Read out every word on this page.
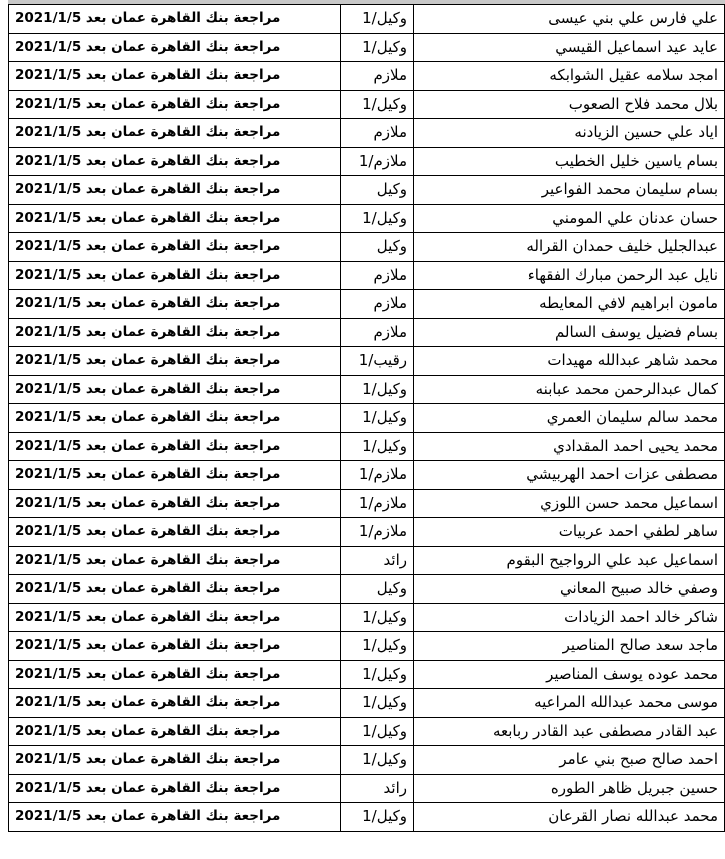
علي فارس علي بني عيسى	وكيل/1	مراجعة بنك القاهرة عمان بعد 2021/1/5
عايد عيد اسماعيل القيسي	وكيل/1	مراجعة بنك القاهرة عمان بعد 2021/1/5
امجد سلامه عقيل الشوابكه	ملازم	مراجعة بنك القاهرة عمان بعد 2021/1/5
بلال محمد فلاح الصعوب	وكيل/1	مراجعة بنك القاهرة عمان بعد 2021/1/5
اياد علي حسين الزيادنه	ملازم	مراجعة بنك القاهرة عمان بعد 2021/1/5
بسام ياسين خليل الخطيب	ملازم/1	مراجعة بنك القاهرة عمان بعد 2021/1/5
بسام سليمان محمد الفواعير	وكيل	مراجعة بنك القاهرة عمان بعد 2021/1/5
حسان عدنان علي المومني	وكيل/1	مراجعة بنك القاهرة عمان بعد 2021/1/5
عبدالجليل خليف حمدان القراله	وكيل	مراجعة بنك القاهرة عمان بعد 2021/1/5
نايل عبد الرحمن مبارك الفقهاء	ملازم	مراجعة بنك القاهرة عمان بعد 2021/1/5
مامون ابراهيم لافي المعايطه	ملازم	مراجعة بنك القاهرة عمان بعد 2021/1/5
بسام فضيل يوسف السالم	ملازم	مراجعة بنك القاهرة عمان بعد 2021/1/5
محمد شاهر عبدالله مهيدات	رقيب/1	مراجعة بنك القاهرة عمان بعد 2021/1/5
كمال عبدالرحمن محمد عبابنه	وكيل/1	مراجعة بنك القاهرة عمان بعد 2021/1/5
محمد سالم سليمان العمري	وكيل/1	مراجعة بنك القاهرة عمان بعد 2021/1/5
محمد يحيى احمد المقدادي	وكيل/1	مراجعة بنك القاهرة عمان بعد 2021/1/5
مصطفى عزات احمد الهربيشي	ملازم/1	مراجعة بنك القاهرة عمان بعد 2021/1/5
اسماعيل محمد حسن اللوزي	ملازم/1	مراجعة بنك القاهرة عمان بعد 2021/1/5
ساهر لطفي احمد عربيات	ملازم/1	مراجعة بنك القاهرة عمان بعد 2021/1/5
اسماعيل عبد علي الرواجيح البقوم	رائد	مراجعة بنك القاهرة عمان بعد 2021/1/5
وصفي خالد صبيح المعاني	وكيل	مراجعة بنك القاهرة عمان بعد 2021/1/5
شاكر خالد احمد الزيادات	وكيل/1	مراجعة بنك القاهرة عمان بعد 2021/1/5
ماجد سعد صالح المناصير	وكيل/1	مراجعة بنك القاهرة عمان بعد 2021/1/5
محمد عوده يوسف المناصير	وكيل/1	مراجعة بنك القاهرة عمان بعد 2021/1/5
موسى محمد عبدالله المراعيه	وكيل/1	مراجعة بنك القاهرة عمان بعد 2021/1/5
عبد القادر مصطفى عبد القادر ربابعه	وكيل/1	مراجعة بنك القاهرة عمان بعد 2021/1/5
احمد صالح صبح بني عامر	وكيل/1	مراجعة بنك القاهرة عمان بعد 2021/1/5
حسين جبريل ظاهر الطوره	رائد	مراجعة بنك القاهرة عمان بعد 2021/1/5
محمد عبدالله نصار القرعان	وكيل/1	مراجعة بنك القاهرة عمان بعد 2021/1/5
